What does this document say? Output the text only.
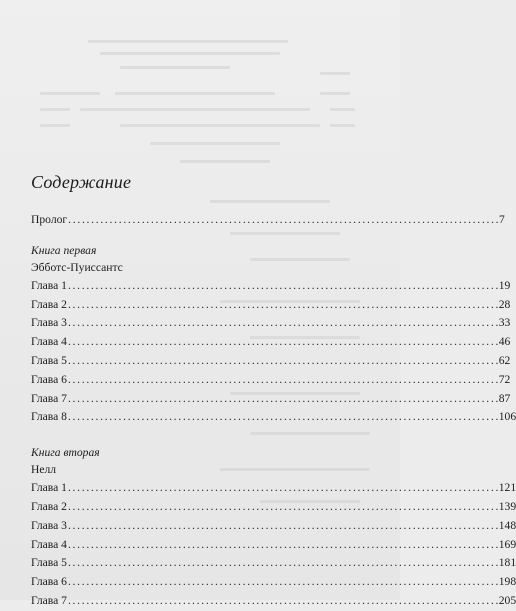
Содержание
Пролог . . .	7
Книга первая
Эбботс-Пуиссантс
Глава 1 . . .	19
Глава 2 . . .	28
Глава 3 . . .	33
Глава 4 . . .	46
Глава 5 . . .	62
Глава 6 . . .	72
Глава 7 . . .	87
Глава 8 . . .	106
Книга вторая
Нелл
Глава 1 . . .	121
Глава 2 . . .	139
Глава 3 . . .	148
Глава 4 . . .	169
Глава 5 . . .	181
Глава 6 . . .	198
Глава 7 . . .	205
